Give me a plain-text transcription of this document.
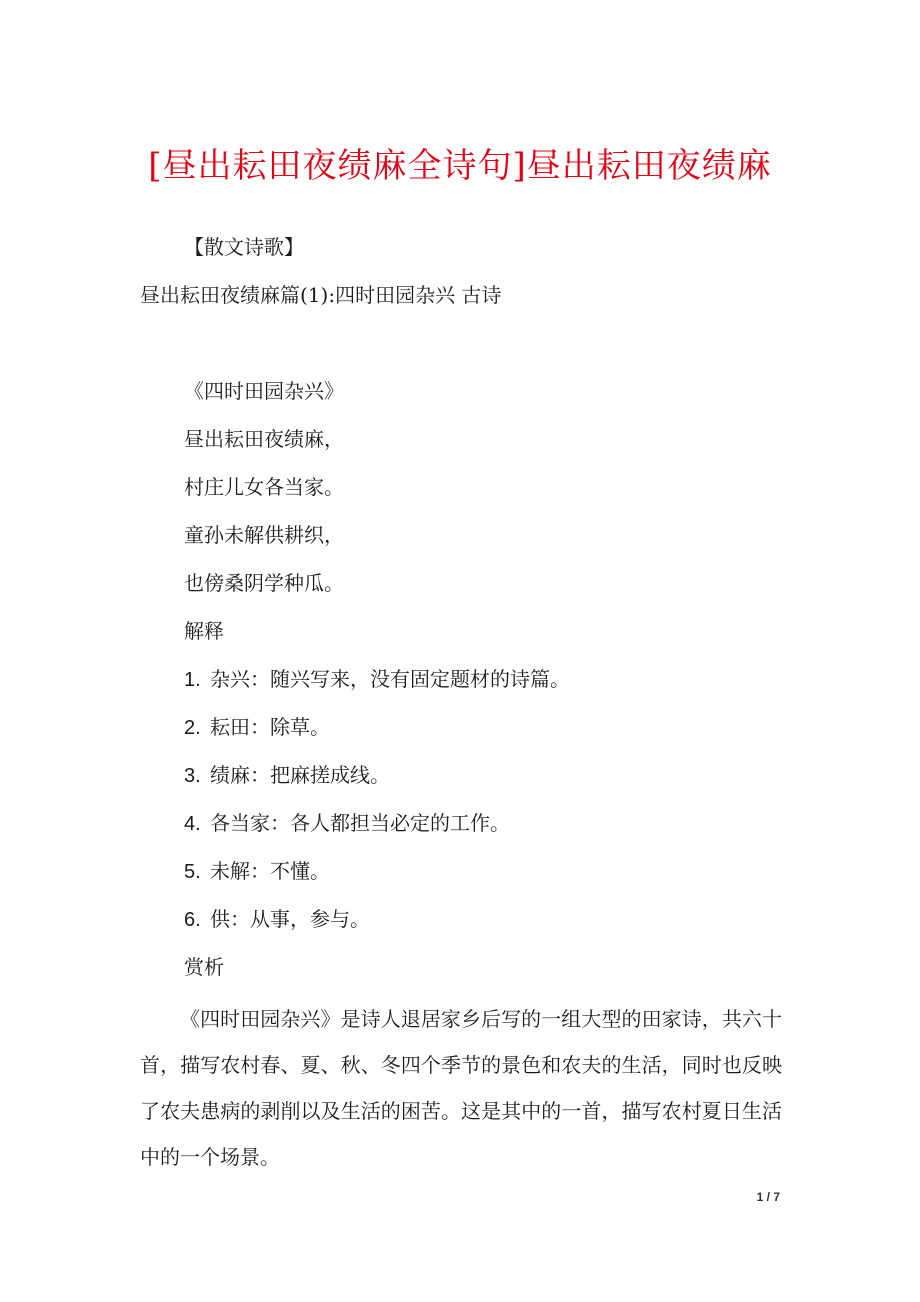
[昼出耘田夜绩麻全诗句]昼出耘田夜绩麻
【散文诗歌】
昼出耘田夜绩麻篇(1):四时田园杂兴 古诗
《四时田园杂兴》
昼出耘田夜绩麻，
村庄儿女各当家。
童孙未解供耕织，
也傍桑阴学种瓜。
解释
1. 杂兴：随兴写来，没有固定题材的诗篇。
2. 耘田：除草。
3. 绩麻：把麻搓成线。
4. 各当家：各人都担当必定的工作。
5. 未解：不懂。
6. 供：从事，参与。
赏析
《四时田园杂兴》是诗人退居家乡后写的一组大型的田家诗，共六十首，描写农村春、夏、秋、冬四个季节的景色和农夫的生活，同时也反映了农夫患病的剥削以及生活的困苦。这是其中的一首，描写农村夏日生活中的一个场景。
1 / 7
